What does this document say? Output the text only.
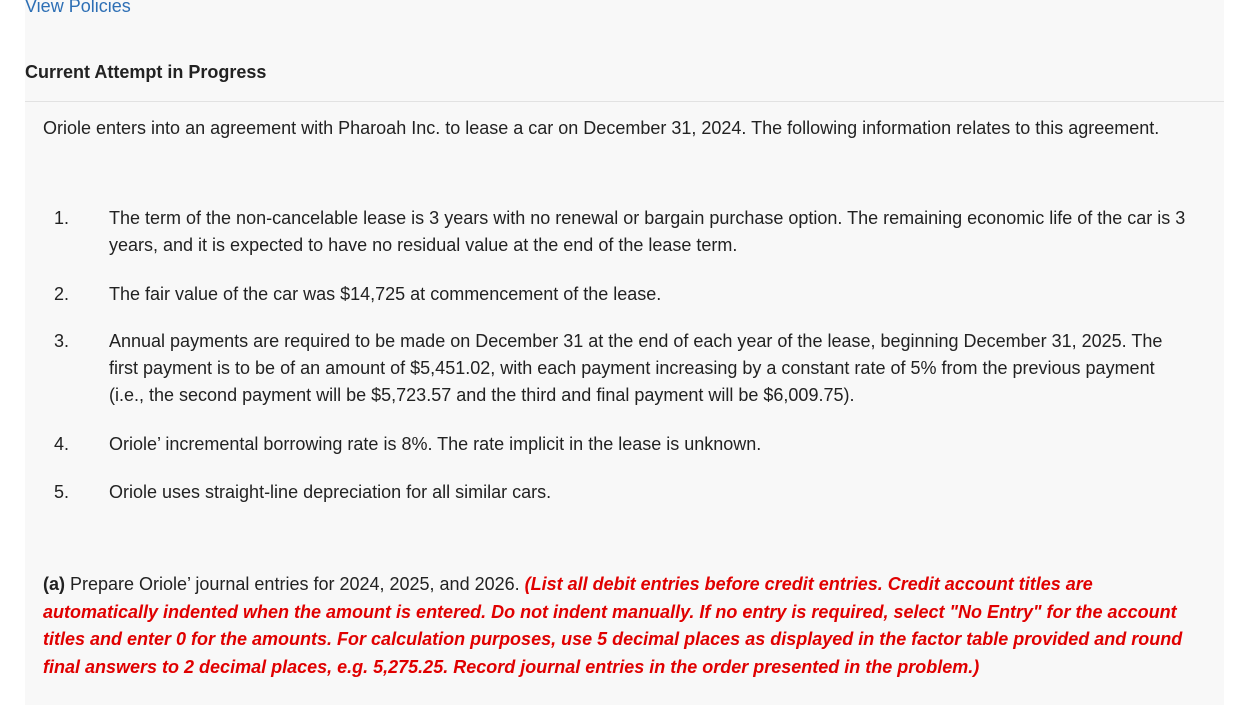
View Policies
Current Attempt in Progress
Oriole enters into an agreement with Pharoah Inc. to lease a car on December 31, 2024. The following information relates to this agreement.
1. The term of the non-cancelable lease is 3 years with no renewal or bargain purchase option. The remaining economic life of the car is 3 years, and it is expected to have no residual value at the end of the lease term.
2. The fair value of the car was $14,725 at commencement of the lease.
3. Annual payments are required to be made on December 31 at the end of each year of the lease, beginning December 31, 2025. The first payment is to be of an amount of $5,451.02, with each payment increasing by a constant rate of 5% from the previous payment (i.e., the second payment will be $5,723.57 and the third and final payment will be $6,009.75).
4. Oriole’ incremental borrowing rate is 8%. The rate implicit in the lease is unknown.
5. Oriole uses straight-line depreciation for all similar cars.
(a) Prepare Oriole’ journal entries for 2024, 2025, and 2026. (List all debit entries before credit entries. Credit account titles are automatically indented when the amount is entered. Do not indent manually. If no entry is required, select "No Entry" for the account titles and enter 0 for the amounts. For calculation purposes, use 5 decimal places as displayed in the factor table provided and round final answers to 2 decimal places, e.g. 5,275.25. Record journal entries in the order presented in the problem.)
